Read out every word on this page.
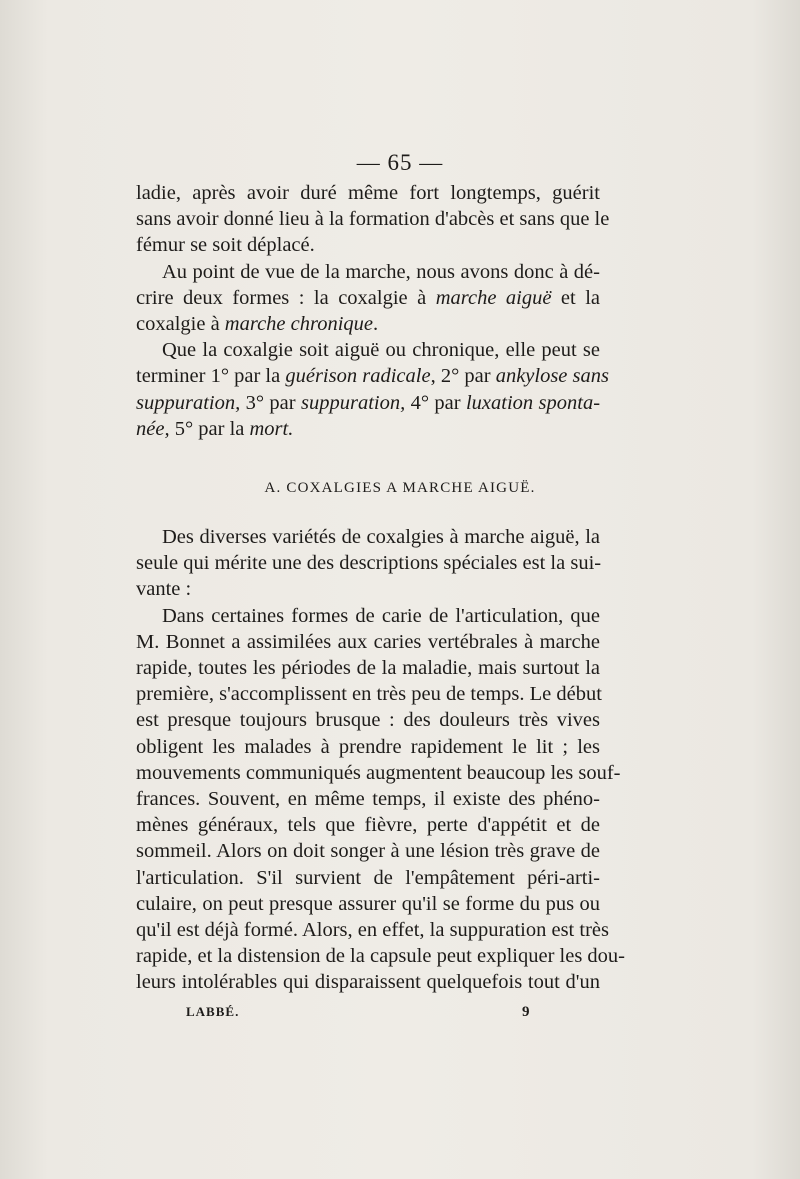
— 65 —

ladie, après avoir duré même fort longtemps, guérit
sans avoir donné lieu à la formation d'abcès et sans que le
fémur se soit déplacé.

Au point de vue de la marche, nous avons donc à dé-
crire deux formes : la coxalgie à marche aiguë et la
coxalgie à marche chronique.

Que la coxalgie soit aiguë ou chronique, elle peut se
terminer 1° par la guérison radicale, 2° par ankylose sans
suppuration, 3° par suppuration, 4° par luxation sponta-
née, 5° par la mort.

A. COXALGIES A MARCHE AIGUË.

Des diverses variétés de coxalgies à marche aiguë, la
seule qui mérite une des descriptions spéciales est la sui-
vante :

Dans certaines formes de carie de l'articulation, que
M. Bonnet a assimilées aux caries vertébrales à marche
rapide, toutes les périodes de la maladie, mais surtout la
première, s'accomplissent en très peu de temps. Le début
est presque toujours brusque : des douleurs très vives
obligent les malades à prendre rapidement le lit ; les
mouvements communiqués augmentent beaucoup les souf-
frances. Souvent, en même temps, il existe des phéno-
mènes généraux, tels que fièvre, perte d'appétit et de
sommeil. Alors on doit songer à une lésion très grave de
l'articulation. S'il survient de l'empâtement péri-arti-
culaire, on peut presque assurer qu'il se forme du pus ou
qu'il est déjà formé. Alors, en effet, la suppuration est très
rapide, et la distension de la capsule peut expliquer les dou-
leurs intolérables qui disparaissent quelquefois tout d'un

LABBÉ.	9
